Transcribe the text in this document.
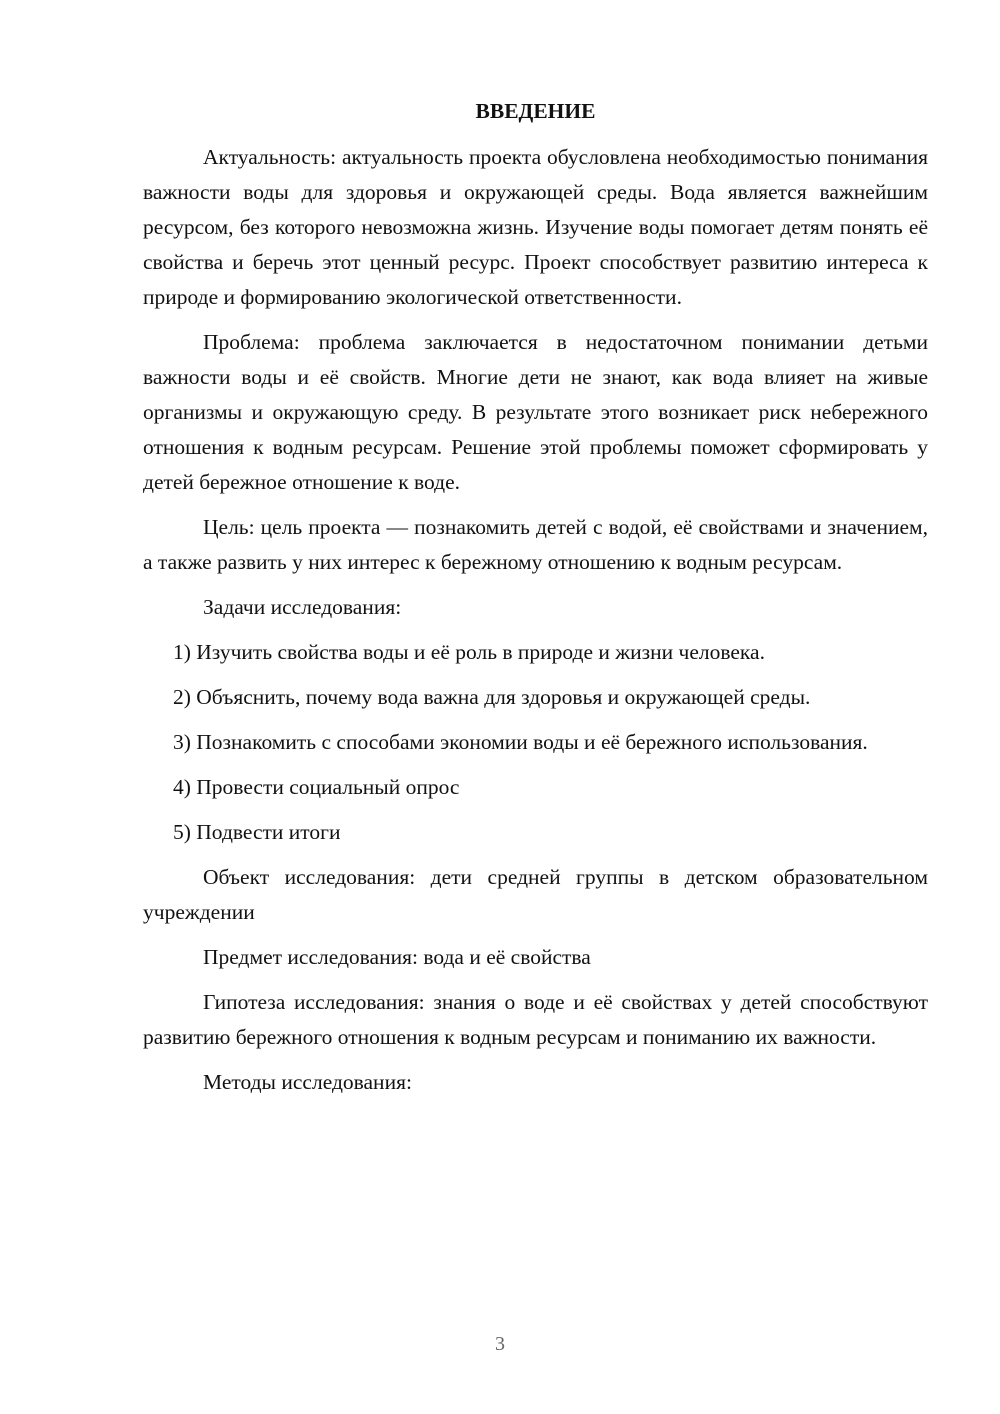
ВВЕДЕНИЕ

Актуальность: актуальность проекта обусловлена необходимостью понимания важности воды для здоровья и окружающей среды. Вода является важнейшим ресурсом, без которого невозможна жизнь. Изучение воды помогает детям понять её свойства и беречь этот ценный ресурс. Проект способствует развитию интереса к природе и формированию экологической ответственности.

Проблема: проблема заключается в недостаточном понимании детьми важности воды и её свойств. Многие дети не знают, как вода влияет на живые организмы и окружающую среду. В результате этого возникает риск небережного отношения к водным ресурсам. Решение этой проблемы поможет сформировать у детей бережное отношение к воде.

Цель: цель проекта — познакомить детей с водой, её свойствами и значением, а также развить у них интерес к бережному отношению к водным ресурсам.

Задачи исследования:

1) Изучить свойства воды и её роль в природе и жизни человека.

2) Объяснить, почему вода важна для здоровья и окружающей среды.

3) Познакомить с способами экономии воды и её бережного использования.

4) Провести социальный опрос

5) Подвести итоги

Объект исследования: дети средней группы в детском образовательном учреждении

Предмет исследования: вода и её свойства

Гипотеза исследования: знания о воде и её свойствах у детей способствуют развитию бережного отношения к водным ресурсам и пониманию их важности.

Методы исследования:

3
